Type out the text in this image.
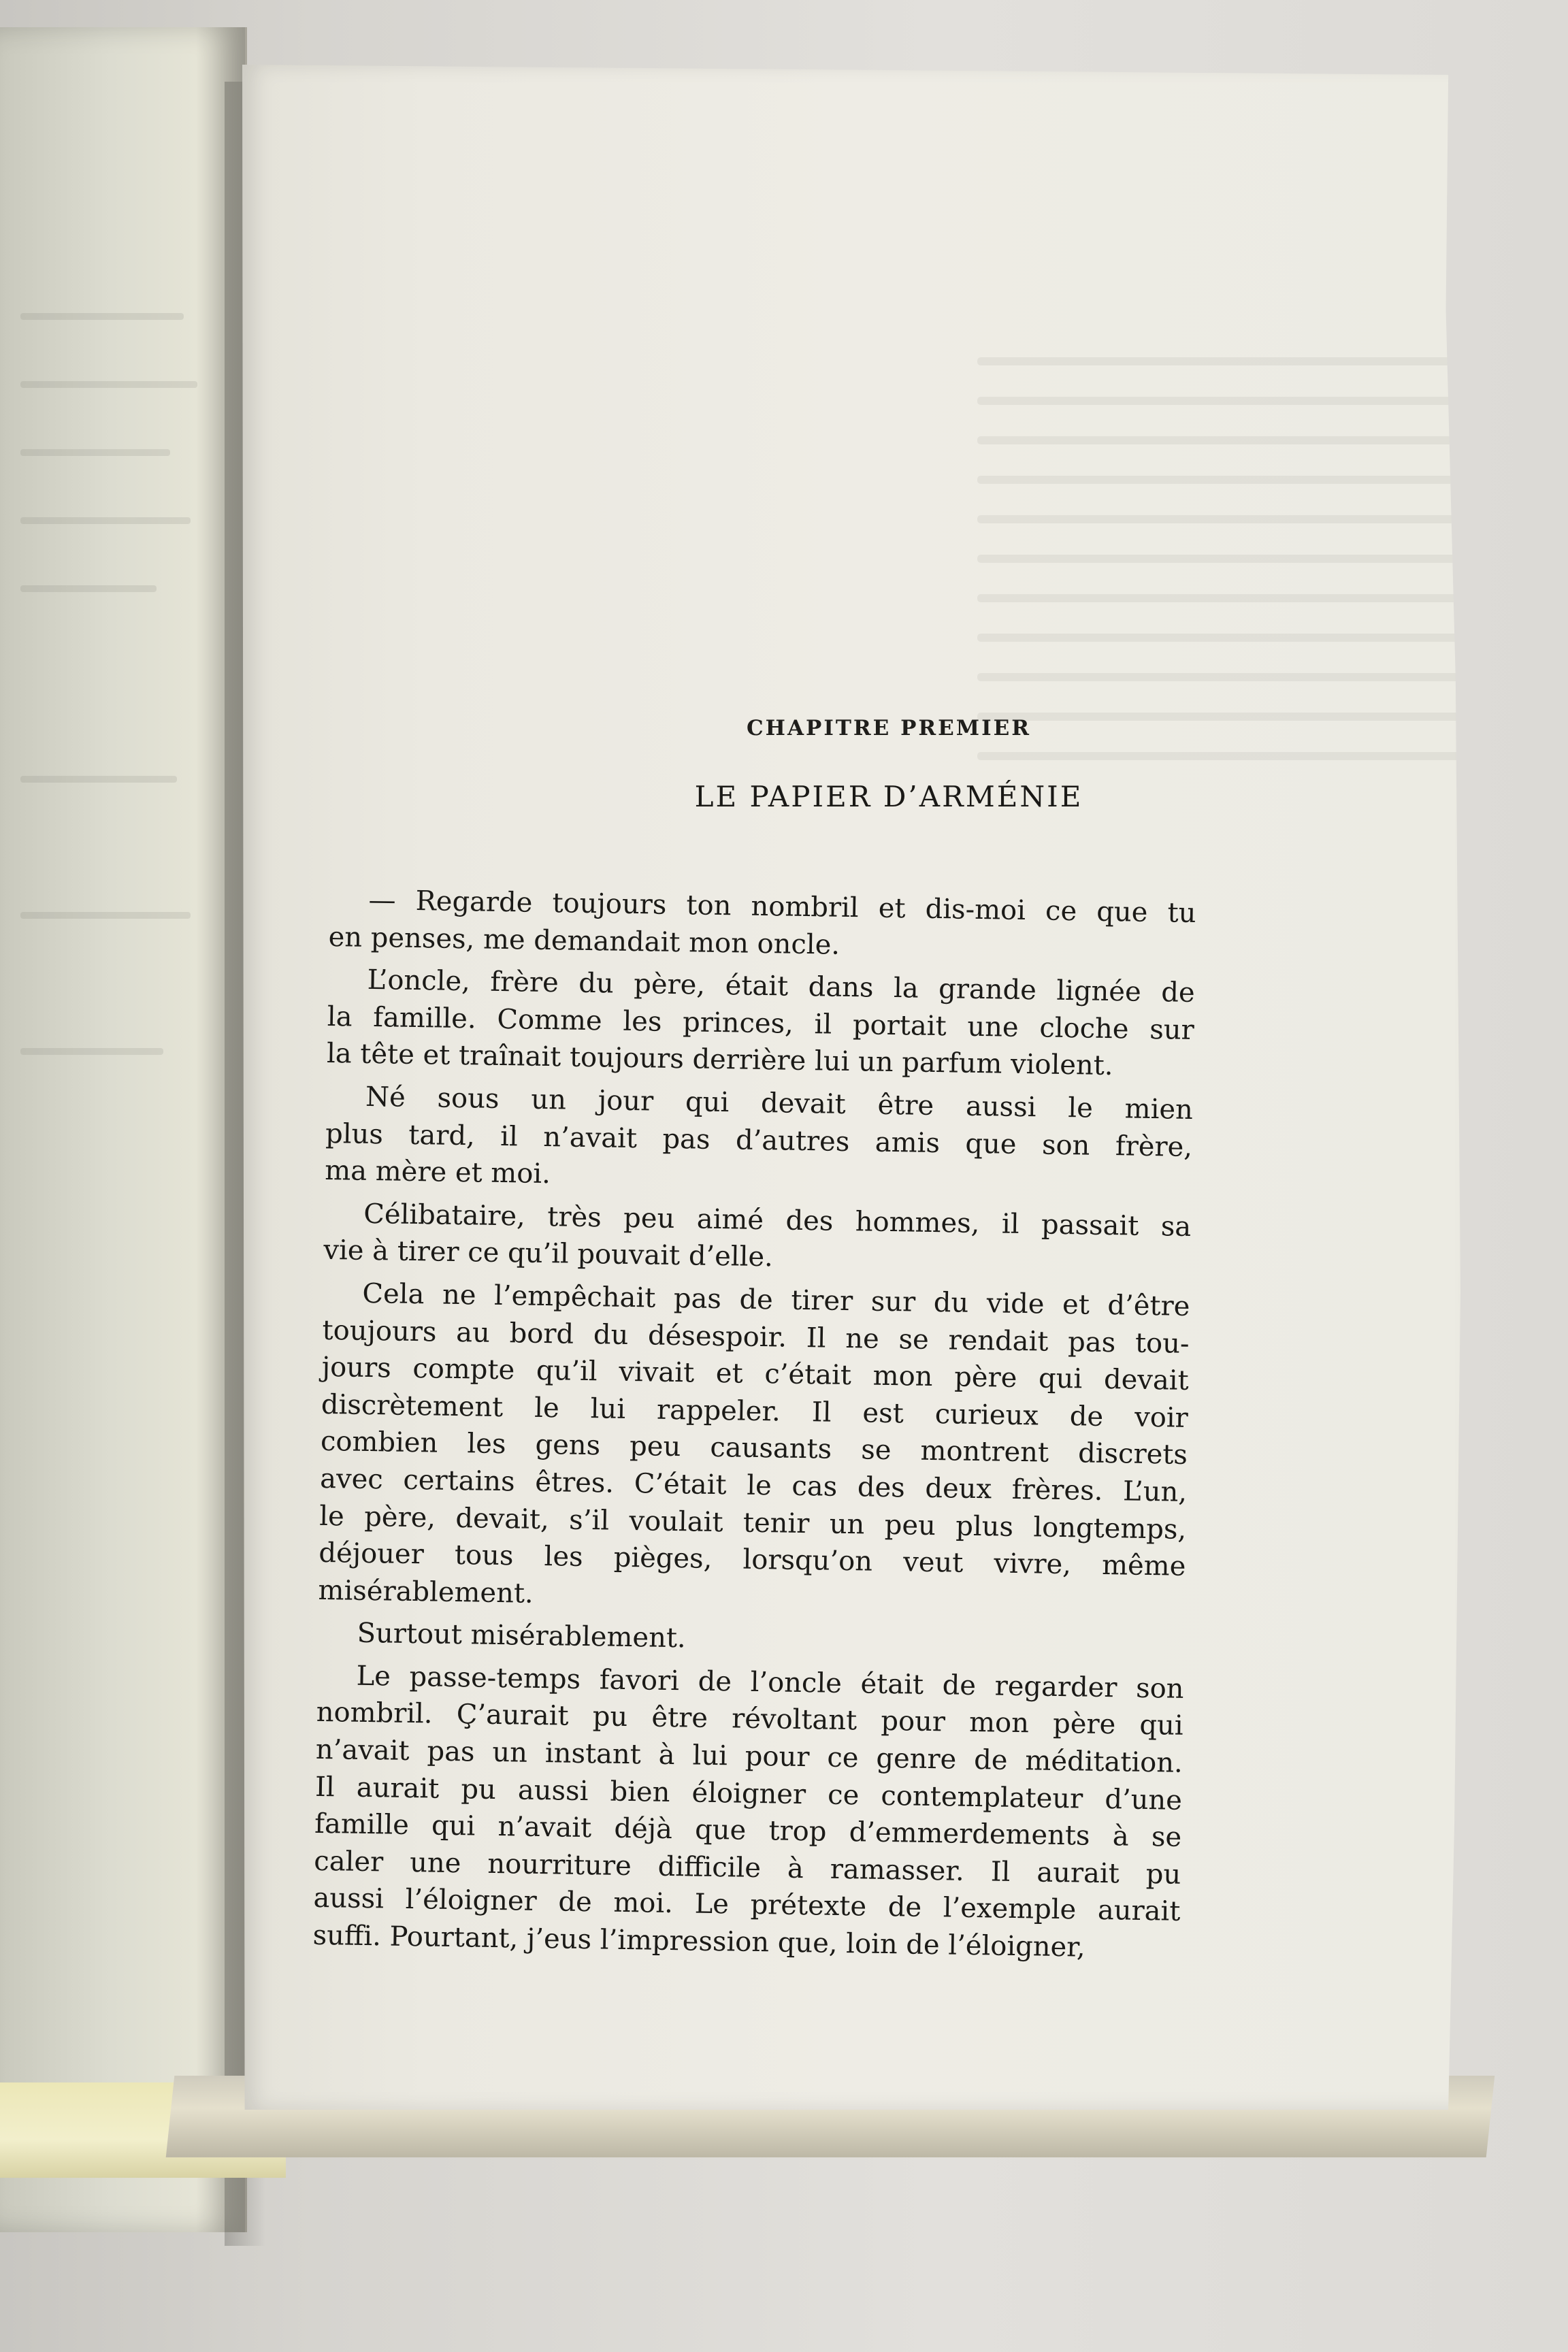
CHAPITRE PREMIER
LE PAPIER D’ARMÉNIE
— Regarde toujours ton nombril et dis-moi ce que tu
en penses, me demandait mon oncle.
L’oncle, frère du père, était dans la grande lignée de
la famille. Comme les princes, il portait une cloche sur
la tête et traînait toujours derrière lui un parfum violent.
Né sous un jour qui devait être aussi le mien
plus tard, il n’avait pas d’autres amis que son frère,
ma mère et moi.
Célibataire, très peu aimé des hommes, il passait sa
vie à tirer ce qu’il pouvait d’elle.
Cela ne l’empêchait pas de tirer sur du vide et d’être
toujours au bord du désespoir. Il ne se rendait pas tou-
jours compte qu’il vivait et c’était mon père qui devait
discrètement le lui rappeler. Il est curieux de voir
combien les gens peu causants se montrent discrets
avec certains êtres. C’était le cas des deux frères. L’un,
le père, devait, s’il voulait tenir un peu plus longtemps,
déjouer tous les pièges, lorsqu’on veut vivre, même
misérablement.
Surtout misérablement.
Le passe-temps favori de l’oncle était de regarder son
nombril. Ç’aurait pu être révoltant pour mon père qui
n’avait pas un instant à lui pour ce genre de méditation.
Il aurait pu aussi bien éloigner ce contemplateur d’une
famille qui n’avait déjà que trop d’emmerdements à se
caler une nourriture difficile à ramasser. Il aurait pu
aussi l’éloigner de moi. Le prétexte de l’exemple aurait
suffi. Pourtant, j’eus l’impression que, loin de l’éloigner,
